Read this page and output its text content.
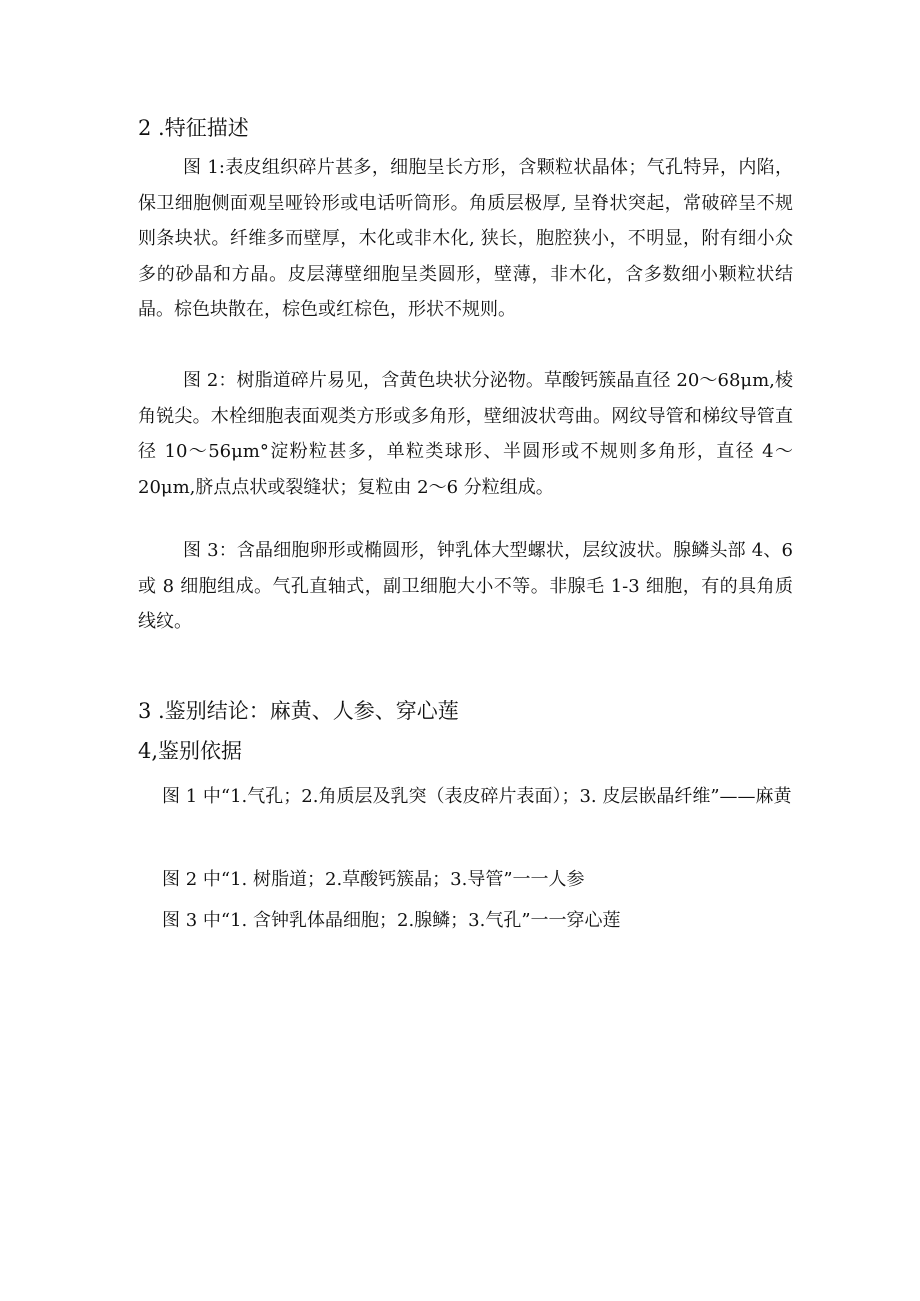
2 .特征描述

图 1:表皮组织碎片甚多，细胞呈长方形，含颗粒状晶体；气孔特异，内陷，保卫细胞侧面观呈哑铃形或电话听筒形。角质层极厚, 呈脊状突起，常破碎呈不规则条块状。纤维多而壁厚，木化或非木化, 狭长，胞腔狭小，不明显，附有细小众多的砂晶和方晶。皮层薄壁细胞呈类圆形，壁薄，非木化，含多数细小颗粒状结晶。棕色块散在，棕色或红棕色，形状不规则。

图 2：树脂道碎片易见，含黄色块状分泌物。草酸钙簇晶直径 20～68μm,棱角锐尖。木栓细胞表面观类方形或多角形，壁细波状弯曲。网纹导管和梯纹导管直径 10～56μm°淀粉粒甚多，单粒类球形、半圆形或不规则多角形，直径 4～20μm,脐点点状或裂缝状；复粒由 2～6 分粒组成。

图 3：含晶细胞卵形或椭圆形，钟乳体大型螺状，层纹波状。腺鳞头部 4、6 或 8 细胞组成。气孔直轴式，副卫细胞大小不等。非腺毛 1-3 细胞，有的具角质线纹。

3 .鉴别结论：麻黄、人参、穿心莲
4,鉴别依据

图 1 中“1.气孔；2.角质层及乳突（表皮碎片表面）；3. 皮层嵌晶纤维”——麻黄

图 2 中“1. 树脂道；2.草酸钙簇晶；3.导管”一一人参

图 3 中“1. 含钟乳体晶细胞；2.腺鳞；3.气孔”一一穿心莲
